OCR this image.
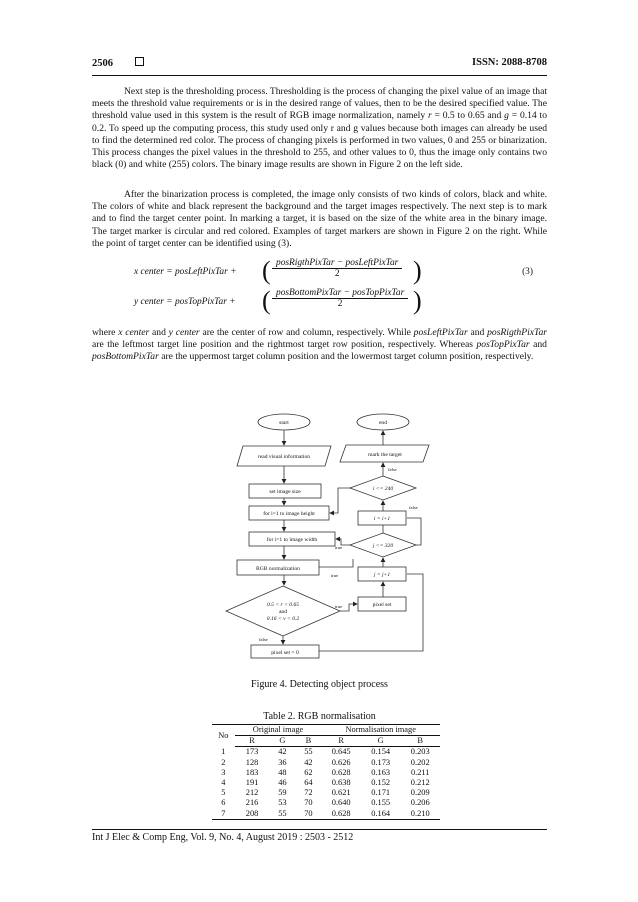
2506	ISSN: 2088-8708

Next step is the thresholding process. Thresholding is the process of changing the pixel value of an image that meets the threshold value requirements or is in the desired range of values, then to be the desired specified value. The threshold value used in this system is the result of RGB image normalization, namely r = 0.5 to 0.65 and g = 0.14 to 0.2. To speed up the computing process, this study used only r and g values because both images can already be used to find the determined red color. The process of changing pixels is performed in two values, 0 and 255 or binarization. This process changes the pixel values in the threshold to 255, and other values to 0, thus the image only contains two black (0) and white (255) colors. The binary image results are shown in Figure 2 on the left side.

After the binarization process is completed, the image only consists of two kinds of colors, black and white. The colors of white and black represent the background and the target images respectively. The next step is to mark and to find the target center point. In marking a target, it is based on the size of the white area in the binary image. The target marker is circular and red colored. Examples of target markers are shown in Figure 2 on the right. While the point of target center can be identified using (3).

x center = posLeftPixTar + ( posRigthPixTar − posLeftPixTar
2	)
y center = posTopPixTar + ( posBottomPixTar − posTopPixTar
2	)
(3)

where x center and y center are the center of row and column, respectively. While posLeftPixTar and posRigthPixTar are the leftmost target line position and the rightmost target row position, respectively. Whereas posTopPixTar and posBottomPixTar are the uppermost target column position and the lowermost target column position, respectively.

start
read visual information
set image size
for i=1 to image height
for i=1 to image width
RGB normalization
0.5 < r < 0.65
and
0.16 < v < 0.2
pixel set = 0
end
mark the target
i <= 240
i = i+1
j <= 320
j = j+1
pixel set
false
false
true
true
true
false
Figure 4. Detecting object process
Table 2. RGB normalisation
No	Original image			Normalisation image		
	R	G	B	R	G	B
1	173	42	55	0.645	0.154	0.203
2	128	36	42	0.626	0.173	0.202
3	183	48	62	0.628	0.163	0.211
4	191	46	64	0.638	0.152	0.212
5	212	59	72	0.621	0.171	0.209
6	216	53	70	0.640	0.155	0.206
7	208	55	70	0.628	0.164	0.210
Int J Elec & Comp Eng, Vol. 9, No. 4, August 2019 : 2503 - 2512
